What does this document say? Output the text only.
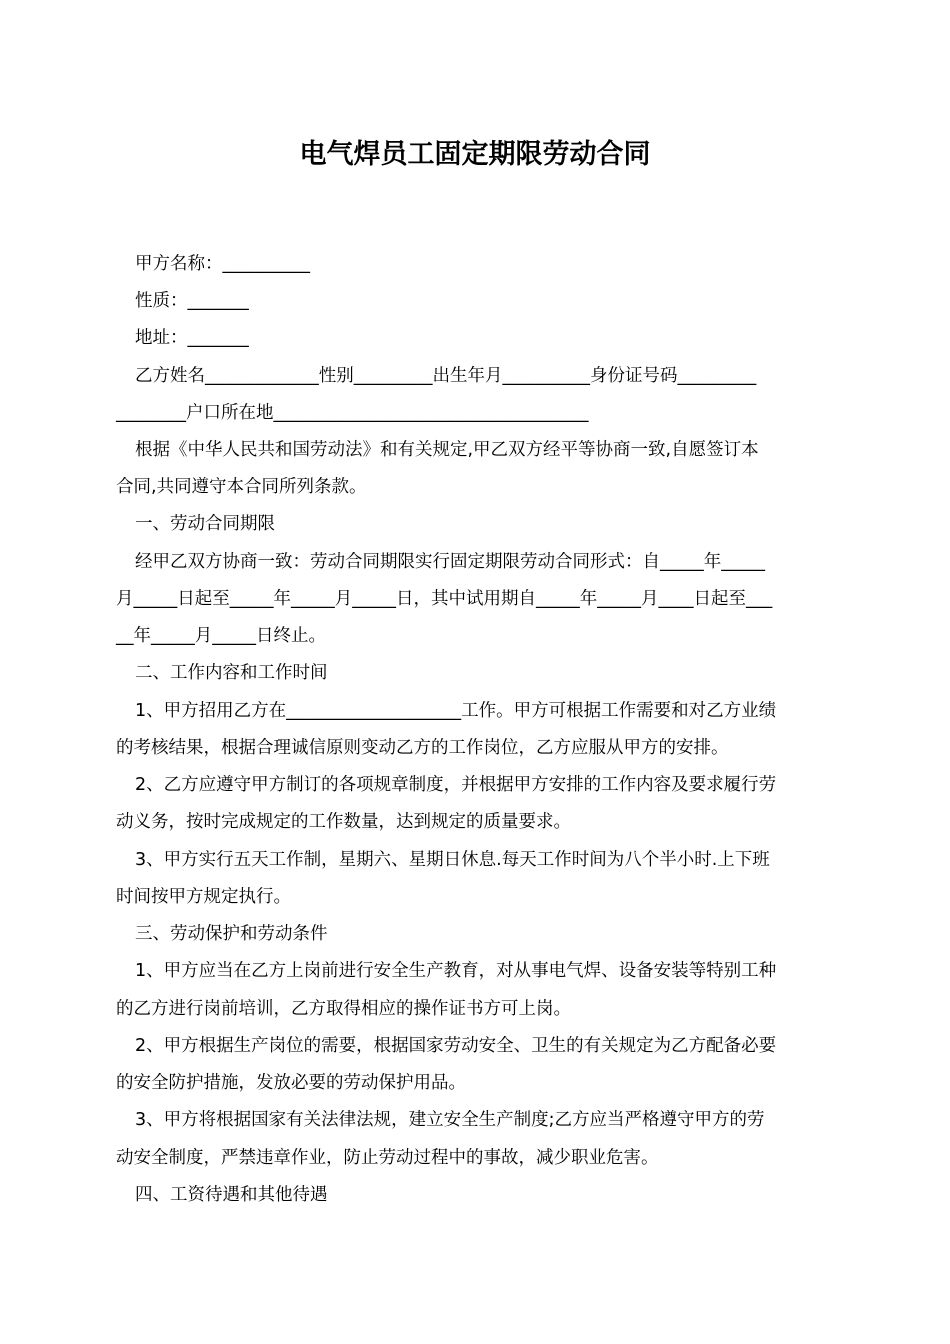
电气焊员工固定期限劳动合同

甲方名称：__________

性质：_______

地址：_______

乙方姓名_____________性别_________出生年月__________身份证号码_________

________户口所在地____________________________________

根据《中华人民共和国劳动法》和有关规定,甲乙双方经平等协商一致,自愿签订本

合同,共同遵守本合同所列条款。

一、劳动合同期限

经甲乙双方协商一致：劳动合同期限实行固定期限劳动合同形式：自_____年_____

月_____日起至_____年_____月_____日，其中试用期自_____年_____月____日起至___

__年_____月_____日终止。

二、工作内容和工作时间

1、甲方招用乙方在____________________工作。甲方可根据工作需要和对乙方业绩

的考核结果，根据合理诚信原则变动乙方的工作岗位，乙方应服从甲方的安排。

2、乙方应遵守甲方制订的各项规章制度，并根据甲方安排的工作内容及要求履行劳

动义务，按时完成规定的工作数量，达到规定的质量要求。

3、甲方实行五天工作制，星期六、星期日休息.每天工作时间为八个半小时.上下班

时间按甲方规定执行。

三、劳动保护和劳动条件

1、甲方应当在乙方上岗前进行安全生产教育，对从事电气焊、设备安装等特别工种

的乙方进行岗前培训，乙方取得相应的操作证书方可上岗。

2、甲方根据生产岗位的需要，根据国家劳动安全、卫生的有关规定为乙方配备必要

的安全防护措施，发放必要的劳动保护用品。

3、甲方将根据国家有关法律法规，建立安全生产制度;乙方应当严格遵守甲方的劳

动安全制度，严禁违章作业，防止劳动过程中的事故，减少职业危害。

四、工资待遇和其他待遇
